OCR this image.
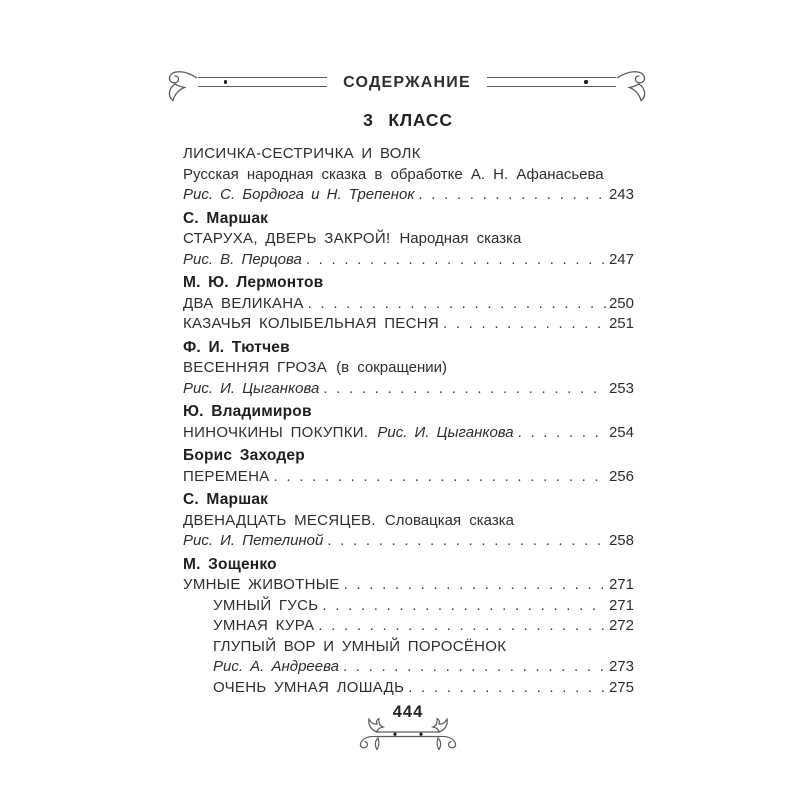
СОДЕРЖАНИЕ
3 КЛАСС
ЛИСИЧКА-СЕСТРИЧКА И ВОЛК
Русская народная сказка в обработке А. Н. Афанасьева
Рис. С. Бордюга и Н. Трепенок . . .	243
С. Маршак
СТАРУХА, ДВЕРЬ ЗАКРОЙ! Народная сказка
Рис. В. Перцова . . .	247
М. Ю. Лермонтов
ДВА ВЕЛИКАНА . . .	250
КАЗАЧЬЯ КОЛЫБЕЛЬНАЯ ПЕСНЯ . . .	251
Ф. И. Тютчев
ВЕСЕННЯЯ ГРОЗА (в сокращении)
Рис. И. Цыганкова . . .	253
Ю. Владимиров
НИНОЧКИНЫ ПОКУПКИ. Рис. И. Цыганкова . . .	254
Борис Заходер
ПЕРЕМЕНА . . .	256
С. Маршак
ДВЕНАДЦАТЬ МЕСЯЦЕВ. Словацкая сказка
Рис. И. Петелиной . . .	258
М. Зощенко
УМНЫЕ ЖИВОТНЫЕ . . .	271
УМНЫЙ ГУСЬ . . .	271
УМНАЯ КУРА . . .	272
ГЛУПЫЙ ВОР И УМНЫЙ ПОРОСЁНОК
Рис. А. Андреева . . .	273
ОЧЕНЬ УМНАЯ ЛОШАДЬ . . .	275
444
